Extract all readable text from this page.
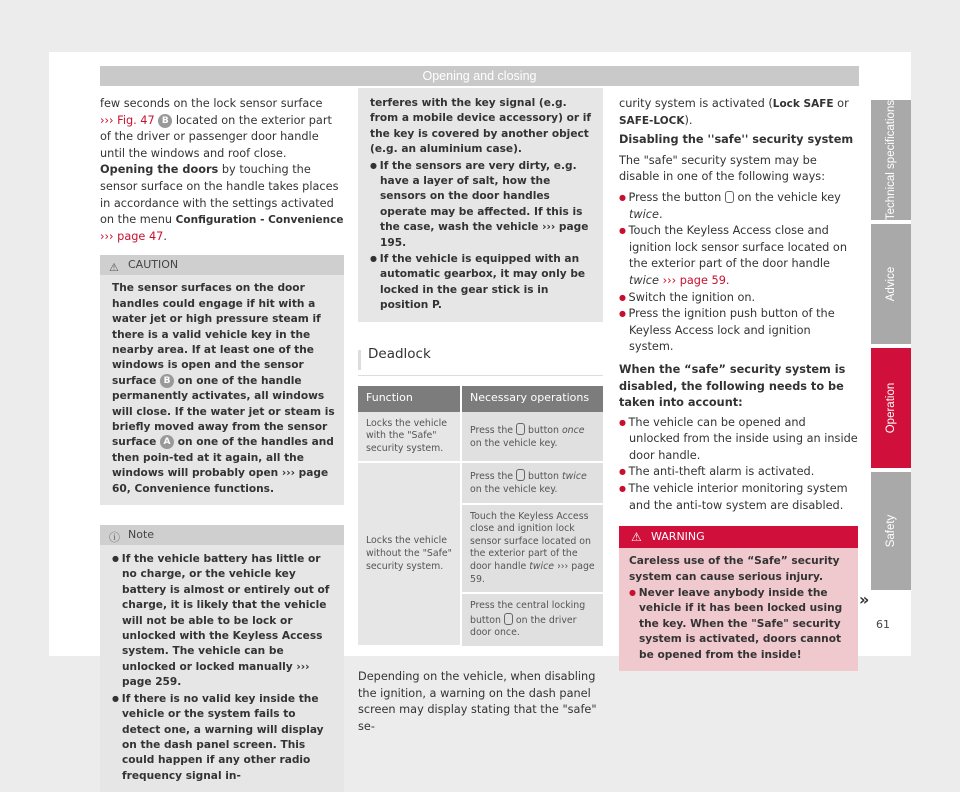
Opening and closing

few seconds on the lock sensor surface
››› Fig. 47 B located on the exterior part of the driver or passenger door handle until the windows and roof close.

Opening the doors by touching the sensor surface on the handle takes places in accordance with the settings activated on the menu Configuration - Convenience ››› page 47.

⚠ CAUTION
The sensor surfaces on the door handles could engage if hit with a water jet or high pressure steam if there is a valid vehicle key in the nearby area. If at least one of the windows is open and the sensor surface B on one of the handle permanently activates, all windows will close. If the water jet or steam is briefly moved away from the sensor surface A on one of the handles and then poin-ted at it again, all the windows will probably open ››› page 60, Convenience functions.
ⓘ Note

● If the vehicle battery has little or no charge, or the vehicle key battery is almost or entirely out of charge, it is likely that the vehicle will not be able to be lock or unlocked with the Keyless Access system. The vehicle can be unlocked or locked manually ››› page 259.

● If there is no valid key inside the vehicle or the system fails to detect one, a warning will display on the dash panel screen. This could happen if any other radio frequency signal in-

terferes with the key signal (e.g. from a mobile device accessory) or if the key is covered by another object (e.g. an aluminium case).

● If the sensors are very dirty, e.g. have a layer of salt, how the sensors on the door handles operate may be affected. If this is the case, wash the vehicle ››› page 195.

● If the vehicle is equipped with an automatic gearbox, it may only be locked in the gear stick is in position P.

Deadlock
Function	Necessary operations
Locks the vehicle with the "Safe" security system.	Press the button once on the vehicle key.
Locks the vehicle without the "Safe" security system.	Press the button twice on the vehicle key.
	Touch the Keyless Access close and ignition lock sensor surface located on the exterior part of the door handle twice ››› page 59.
	Press the central locking button on the driver door once.

Depending on the vehicle, when disabling the ignition, a warning on the dash panel screen may display stating that the "safe" se-

curity system is activated (Lock SAFE or SAFE-LOCK).

Disabling the ''safe'' security system

The "safe" security system may be disable in one of the following ways:

● Press the button on the vehicle key twice.

● Touch the Keyless Access close and ignition lock sensor surface located on the exterior part of the door handle twice ››› page 59.

● Switch the ignition on.

● Press the ignition push button of the Keyless Access lock and ignition system.

When the “safe” security system is disabled, the following needs to be taken into account:

● The vehicle can be opened and unlocked from the inside using an inside door handle.

● The anti-theft alarm is activated.

● The vehicle interior monitoring system and the anti-tow system are disabled.

⚠ WARNING

Careless use of the “Safe” security system can cause serious injury.

● Never leave anybody inside the vehicle if it has been locked using the key. When the "Safe" security system is activated, doors cannot be opened from the inside!

»
Technical specifications
Advice
Operation
Safety
61
